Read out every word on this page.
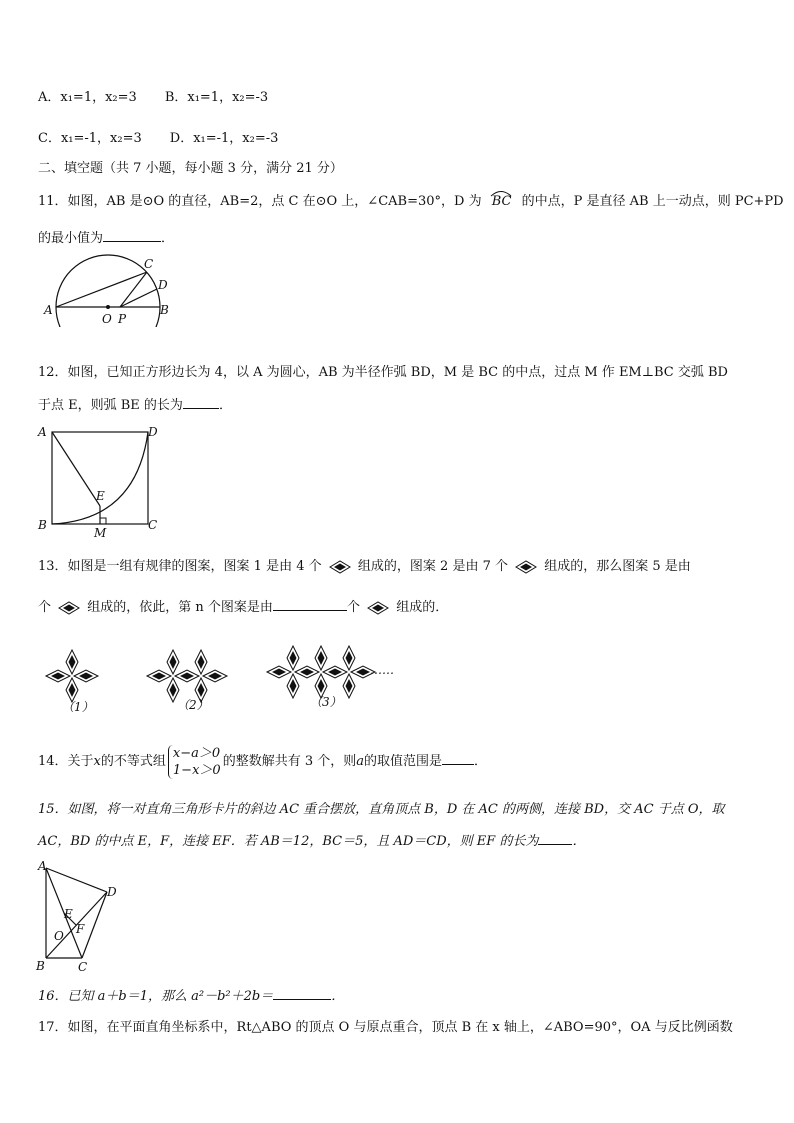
A．x₁=1，x₂=3 B．x₁=1，x₂=-3
C．x₁=-1，x₂=3 D．x₁=-1，x₂=-3
二、填空题（共 7 小题，每小题 3 分，满分 21 分）
11．如图，AB 是⊙O 的直径，AB=2，点 C 在⊙O 上，∠CAB=30°，D 为 BC 的中点，P 是直径 AB 上一动点，则 PC+PD
的最小值为	．
A
O P
B
C
D
12．如图，已知正方形边长为 4，以 A 为圆心，AB 为半径作弧 BD，M 是 BC 的中点，过点 M 作 EM⊥BC 交弧 BD
于点 E，则弧 BE 的长为	．
A	D
E
B
M
C
13．如图是一组有规律的图案，图案 1 是由 4 个	组成的，图案 2 是由 7 个	组成的，那么图案 5 是由
个	组成的，依此，第 n 个图案是由	个	组成的．
（1）	（2）	（3）
……
14．关于x的不等式组
x−a＞0
1−x＞0
的整数解共有 3 个，则a的取值范围是 ．
15．如图，将一对直角三角形卡片的斜边 AC 重合摆放，直角顶点 B，D 在 AC 的两侧，连接 BD，交 AC 于点 O，取
AC，BD 的中点 E，F，连接 EF．若 AB＝12，BC＝5，且 AD＝CD，则 EF 的长为	．
A
D
E
O F
B	C
16．已知 a＋b＝1，那么 a²－b²＋2b＝	．
17．如图，在平面直角坐标系中，Rt△ABO 的顶点 O 与原点重合，顶点 B 在 x 轴上，∠ABO=90°，OA 与反比例函数
